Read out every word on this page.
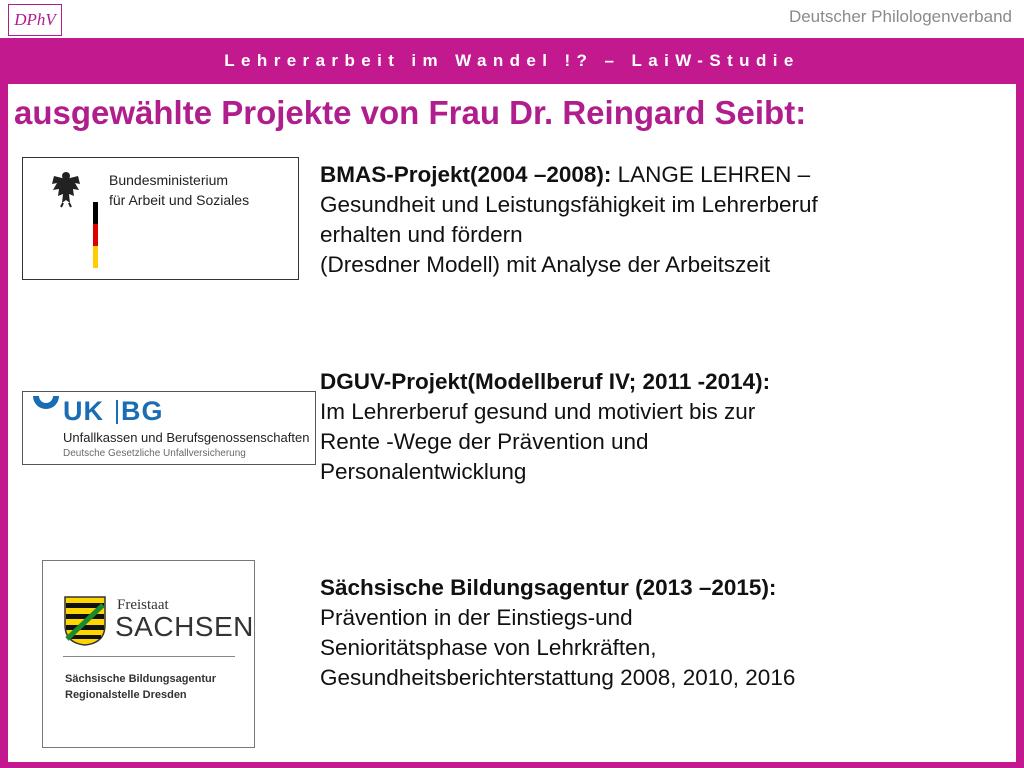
DPhV	Deutscher Philologenverband
Lehrerarbeit im Wandel !? – LaiW-Studie
ausgewählte Projekte von Frau Dr. Reingard Seibt:
Bundesministerium
für Arbeit und Soziales
UK BG
Unfallkassen und Berufsgenossenschaften
Deutsche Gesetzliche Unfallversicherung
Freistaat
SACHSEN
Sächsische Bildungsagentur
Regionalstelle Dresden

BMAS-Projekt(2004 –2008): LANGE LEHREN –

Gesundheit und Leistungsfähigkeit im Lehrerberuf

erhalten und fördern

(Dresdner Modell) mit Analyse der Arbeitszeit

DGUV-Projekt(Modellberuf IV; 2011 -2014):

Im Lehrerberuf gesund und motiviert bis zur

Rente -Wege der Prävention und

Personalentwicklung

Sächsische Bildungsagentur (2013 –2015):

Prävention in der Einstiegs-und

Senioritätsphase von Lehrkräften,

Gesundheitsberichterstattung 2008, 2010, 2016
